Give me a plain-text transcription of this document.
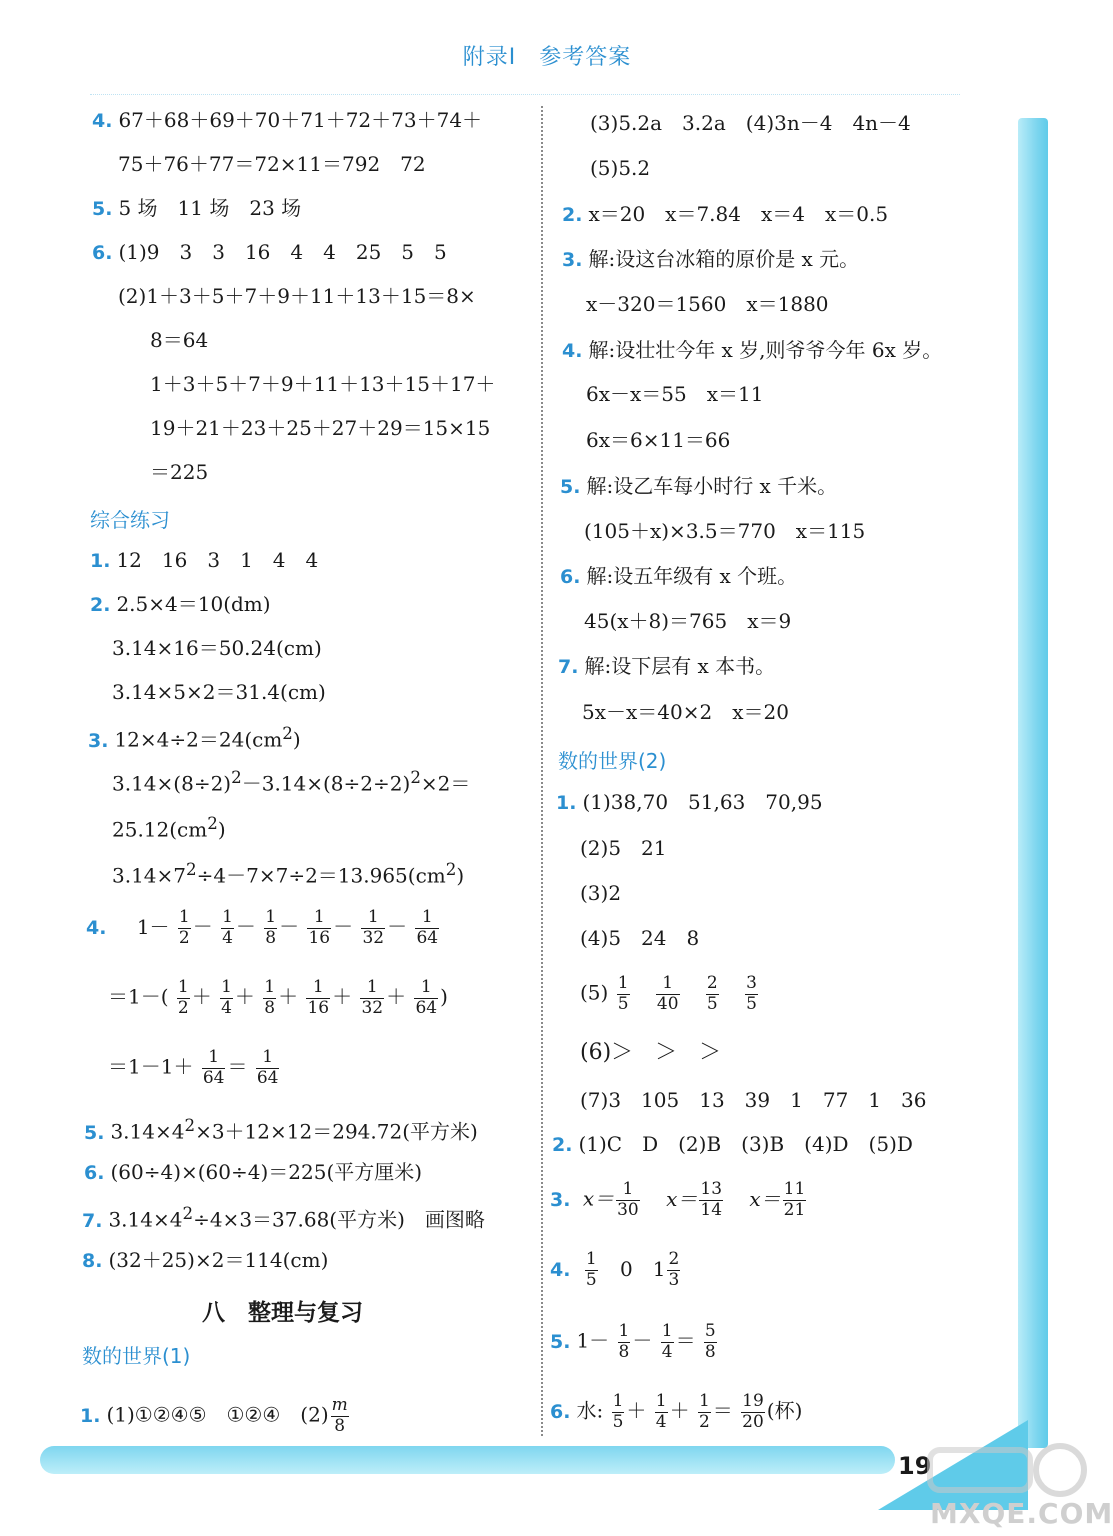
附录Ⅰ　参考答案
4. 67＋68＋69＋70＋71＋72＋73＋74＋
75＋76＋77＝72×11＝792　72
5. 5 场　11 场　23 场
6. (1)9　3　3　16　4　4　25　5　5
(2)1＋3＋5＋7＋9＋11＋13＋15＝8×
8＝64
1＋3＋5＋7＋9＋11＋13＋15＋17＋
19＋21＋23＋25＋27＋29＝15×15
＝225
综合练习
1. 12　16　3　1　4　4
2. 2.5×4＝10(dm)
3.14×16＝50.24(cm)
3.14×5×2＝31.4(cm)
3. $12\times 4\div 2=24(cm^2)$
$3.14\times(8\div 2)^2-3.14\times(8\div 2\div 2)^2\times 2=$
$25.12(cm^2)$
$3.14\times 7^2\div 4-7\times 7\div 2=13.965(cm^2)$
4. $1- \frac{1}{2} - \frac{1}{4} - \frac{1}{8} - \frac{1}{16} - \frac{1}{32} - \frac{1}{64}$
$=1-( \frac{1}{2} + \frac{1}{4} + \frac{1}{8} + \frac{1}{16} + \frac{1}{32} + \frac{1}{64}$ )
$=1-1+ \frac{1}{64} = \frac{1}{64}$
5. $3.14\times 4^2\times 3+12\times 12=294.72$(平方米)
6. (60÷4)×(60÷4)＝225(平方厘米)
7. $3.14\times 4^2\div 4\times 3=37.68$(平方米)　画图略
8. (32＋25)×2＝114(cm)
八　整理与复习
数的世界(1)
1. (1)①②④⑤　①②④　$(2) \frac{m}{8}$
(3)5.2a　3.2a　(4)3n－4　4n－4
(5)5.2
2. x＝20　x＝7.84　x＝4　x＝0.5
3. 解:设这台冰箱的原价是 x 元。
x－320＝1560　x＝1880
4. 解:设壮壮今年 x 岁,则爷爷今年 6x 岁。
6x－x＝55　x＝11
6x＝6×11＝66
5. 解:设乙车每小时行 x 千米。
(105＋x)×3.5＝770　x＝115
6. 解:设五年级有 x 个班。
45(x＋8)＝765　x＝9
7. 解:设下层有 x 本书。
5x－x＝40×2　x＝20
数的世界(2)
1. (1)38,70　51,63　70,95
(2)5　21
(3)2
(4)5　24　8
$(5) \frac{1}{5}$
$\frac{1}{40}$
$\frac{2}{5}$
$\frac{3}{5}$
(6)＞　＞　＞
(7)3　105　13　39　1　77　1　36
2. (1)C　D　(2)B　(3)B　(4)D　(5)D
3. $x= \frac{1}{30} x= \frac{13}{14} x= \frac{11}{21}$
4. $\frac{1}{5} 0$　$1 \frac{2}{3}$
5. $1- \frac{1}{8} - \frac{1}{4} = \frac{5}{8}$
6. 水: $\frac{1}{5} + \frac{1}{4} + \frac{1}{2} = \frac{19}{20}$ (杯)
19
MXQE.COM
